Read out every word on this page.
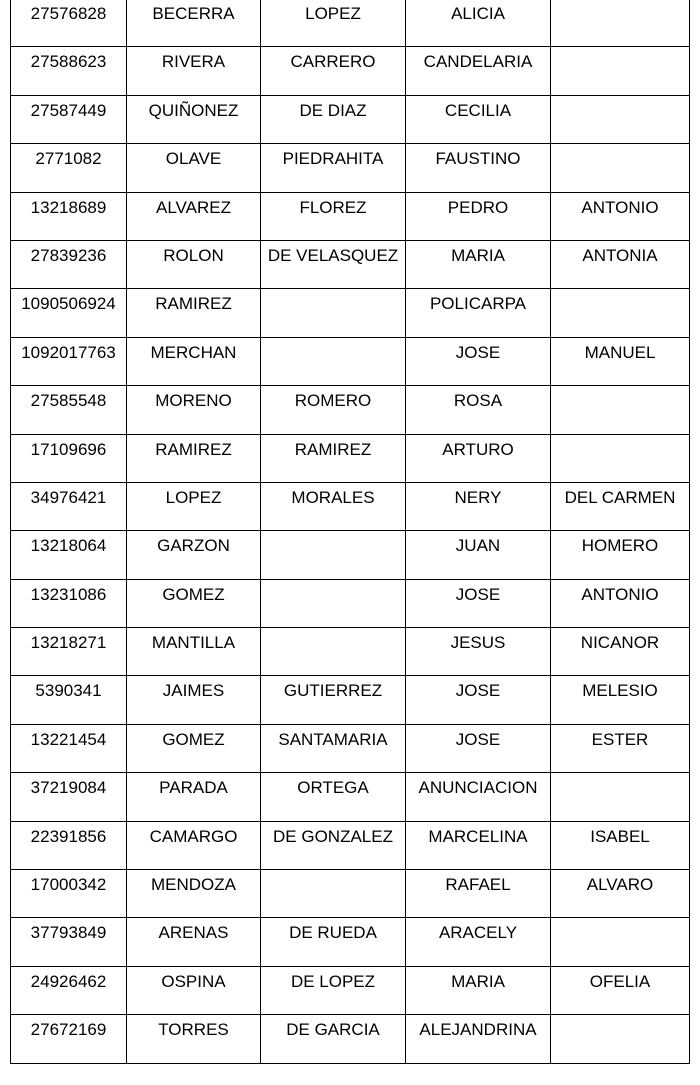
27576828	BECERRA	LOPEZ	ALICIA	
27588623	RIVERA	CARRERO	CANDELARIA	
27587449	QUIÑONEZ	DE DIAZ	CECILIA	
2771082	OLAVE	PIEDRAHITA	FAUSTINO	
13218689	ALVAREZ	FLOREZ	PEDRO	ANTONIO
27839236	ROLON	DE VELASQUEZ	MARIA	ANTONIA
1090506924	RAMIREZ		POLICARPA	
1092017763	MERCHAN		JOSE	MANUEL
27585548	MORENO	ROMERO	ROSA	
17109696	RAMIREZ	RAMIREZ	ARTURO	
34976421	LOPEZ	MORALES	NERY	DEL CARMEN
13218064	GARZON		JUAN	HOMERO
13231086	GOMEZ		JOSE	ANTONIO
13218271	MANTILLA		JESUS	NICANOR
5390341	JAIMES	GUTIERREZ	JOSE	MELESIO
13221454	GOMEZ	SANTAMARIA	JOSE	ESTER
37219084	PARADA	ORTEGA	ANUNCIACION	
22391856	CAMARGO	DE GONZALEZ	MARCELINA	ISABEL
17000342	MENDOZA		RAFAEL	ALVARO
37793849	ARENAS	DE RUEDA	ARACELY	
24926462	OSPINA	DE LOPEZ	MARIA	OFELIA
27672169	TORRES	DE GARCIA	ALEJANDRINA	
